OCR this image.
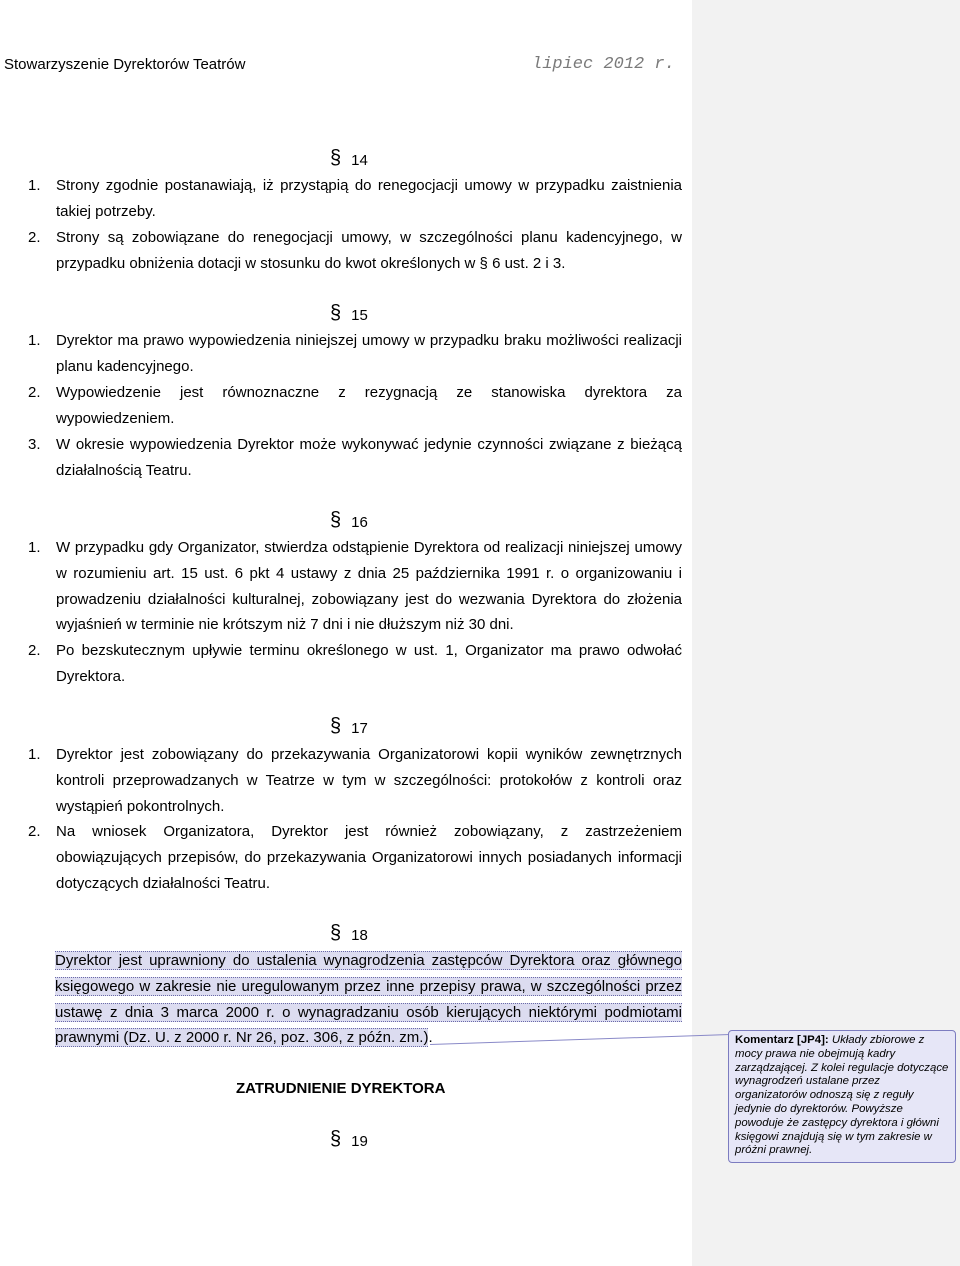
Stowarzyszenie Dyrektorów Teatrów	lipiec 2012 r.
§ 14
1.	Strony zgodnie postanawiają, iż przystąpią do renegocjacji umowy w przypadku zaistnienia takiej potrzeby.
2.	Strony są zobowiązane do renegocjacji umowy, w szczególności planu kadencyjnego, w przypadku obniżenia dotacji w stosunku do kwot określonych w § 6 ust. 2 i 3.
§ 15
1.	Dyrektor ma prawo wypowiedzenia niniejszej umowy w przypadku braku możliwości realizacji planu kadencyjnego.
2.	Wypowiedzenie jest równoznaczne z rezygnacją ze stanowiska dyrektora za wypowiedzeniem.
3.	W okresie wypowiedzenia Dyrektor może wykonywać jedynie czynności związane z bieżącą działalnością Teatru.
§ 16
1.	W przypadku gdy Organizator, stwierdza odstąpienie Dyrektora od realizacji niniejszej umowy w rozumieniu art. 15 ust. 6 pkt 4 ustawy z dnia 25 października 1991 r. o organizowaniu i prowadzeniu działalności kulturalnej, zobowiązany jest do wezwania Dyrektora do złożenia wyjaśnień w terminie nie krótszym niż 7 dni i nie dłuższym niż 30 dni.
2.	Po bezskutecznym upływie terminu określonego w ust. 1, Organizator ma prawo odwołać Dyrektora.
§ 17
1.	Dyrektor jest zobowiązany do przekazywania Organizatorowi kopii wyników zewnętrznych kontroli przeprowadzanych w Teatrze w tym w szczególności: protokołów z kontroli oraz wystąpień pokontrolnych.
2.	Na wniosek Organizatora, Dyrektor jest również zobowiązany, z zastrzeżeniem obowiązujących przepisów, do przekazywania Organizatorowi innych posiadanych informacji dotyczących działalności Teatru.
§ 18
Dyrektor jest uprawniony do ustalenia wynagrodzenia zastępców Dyrektora oraz głównego księgowego w zakresie nie uregulowanym przez inne przepisy prawa, w szczególności przez ustawę z dnia 3 marca 2000 r. o wynagradzaniu osób kierujących niektórymi podmiotami prawnymi (Dz. U. z 2000 r. Nr 26, poz. 306, z późn. zm.).
ZATRUDNIENIE DYREKTORA
§ 19
Komentarz [JP4]: Układy zbiorowe z mocy prawa nie obejmują kadry zarządzającej. Z kolei regulacje dotyczące wynagrodzeń ustalane przez organizatorów odnoszą się z reguły jedynie do dyrektorów. Powyższe powoduje że zastępcy dyrektora i główni księgowi znajdują się w tym zakresie w próżni prawnej.
